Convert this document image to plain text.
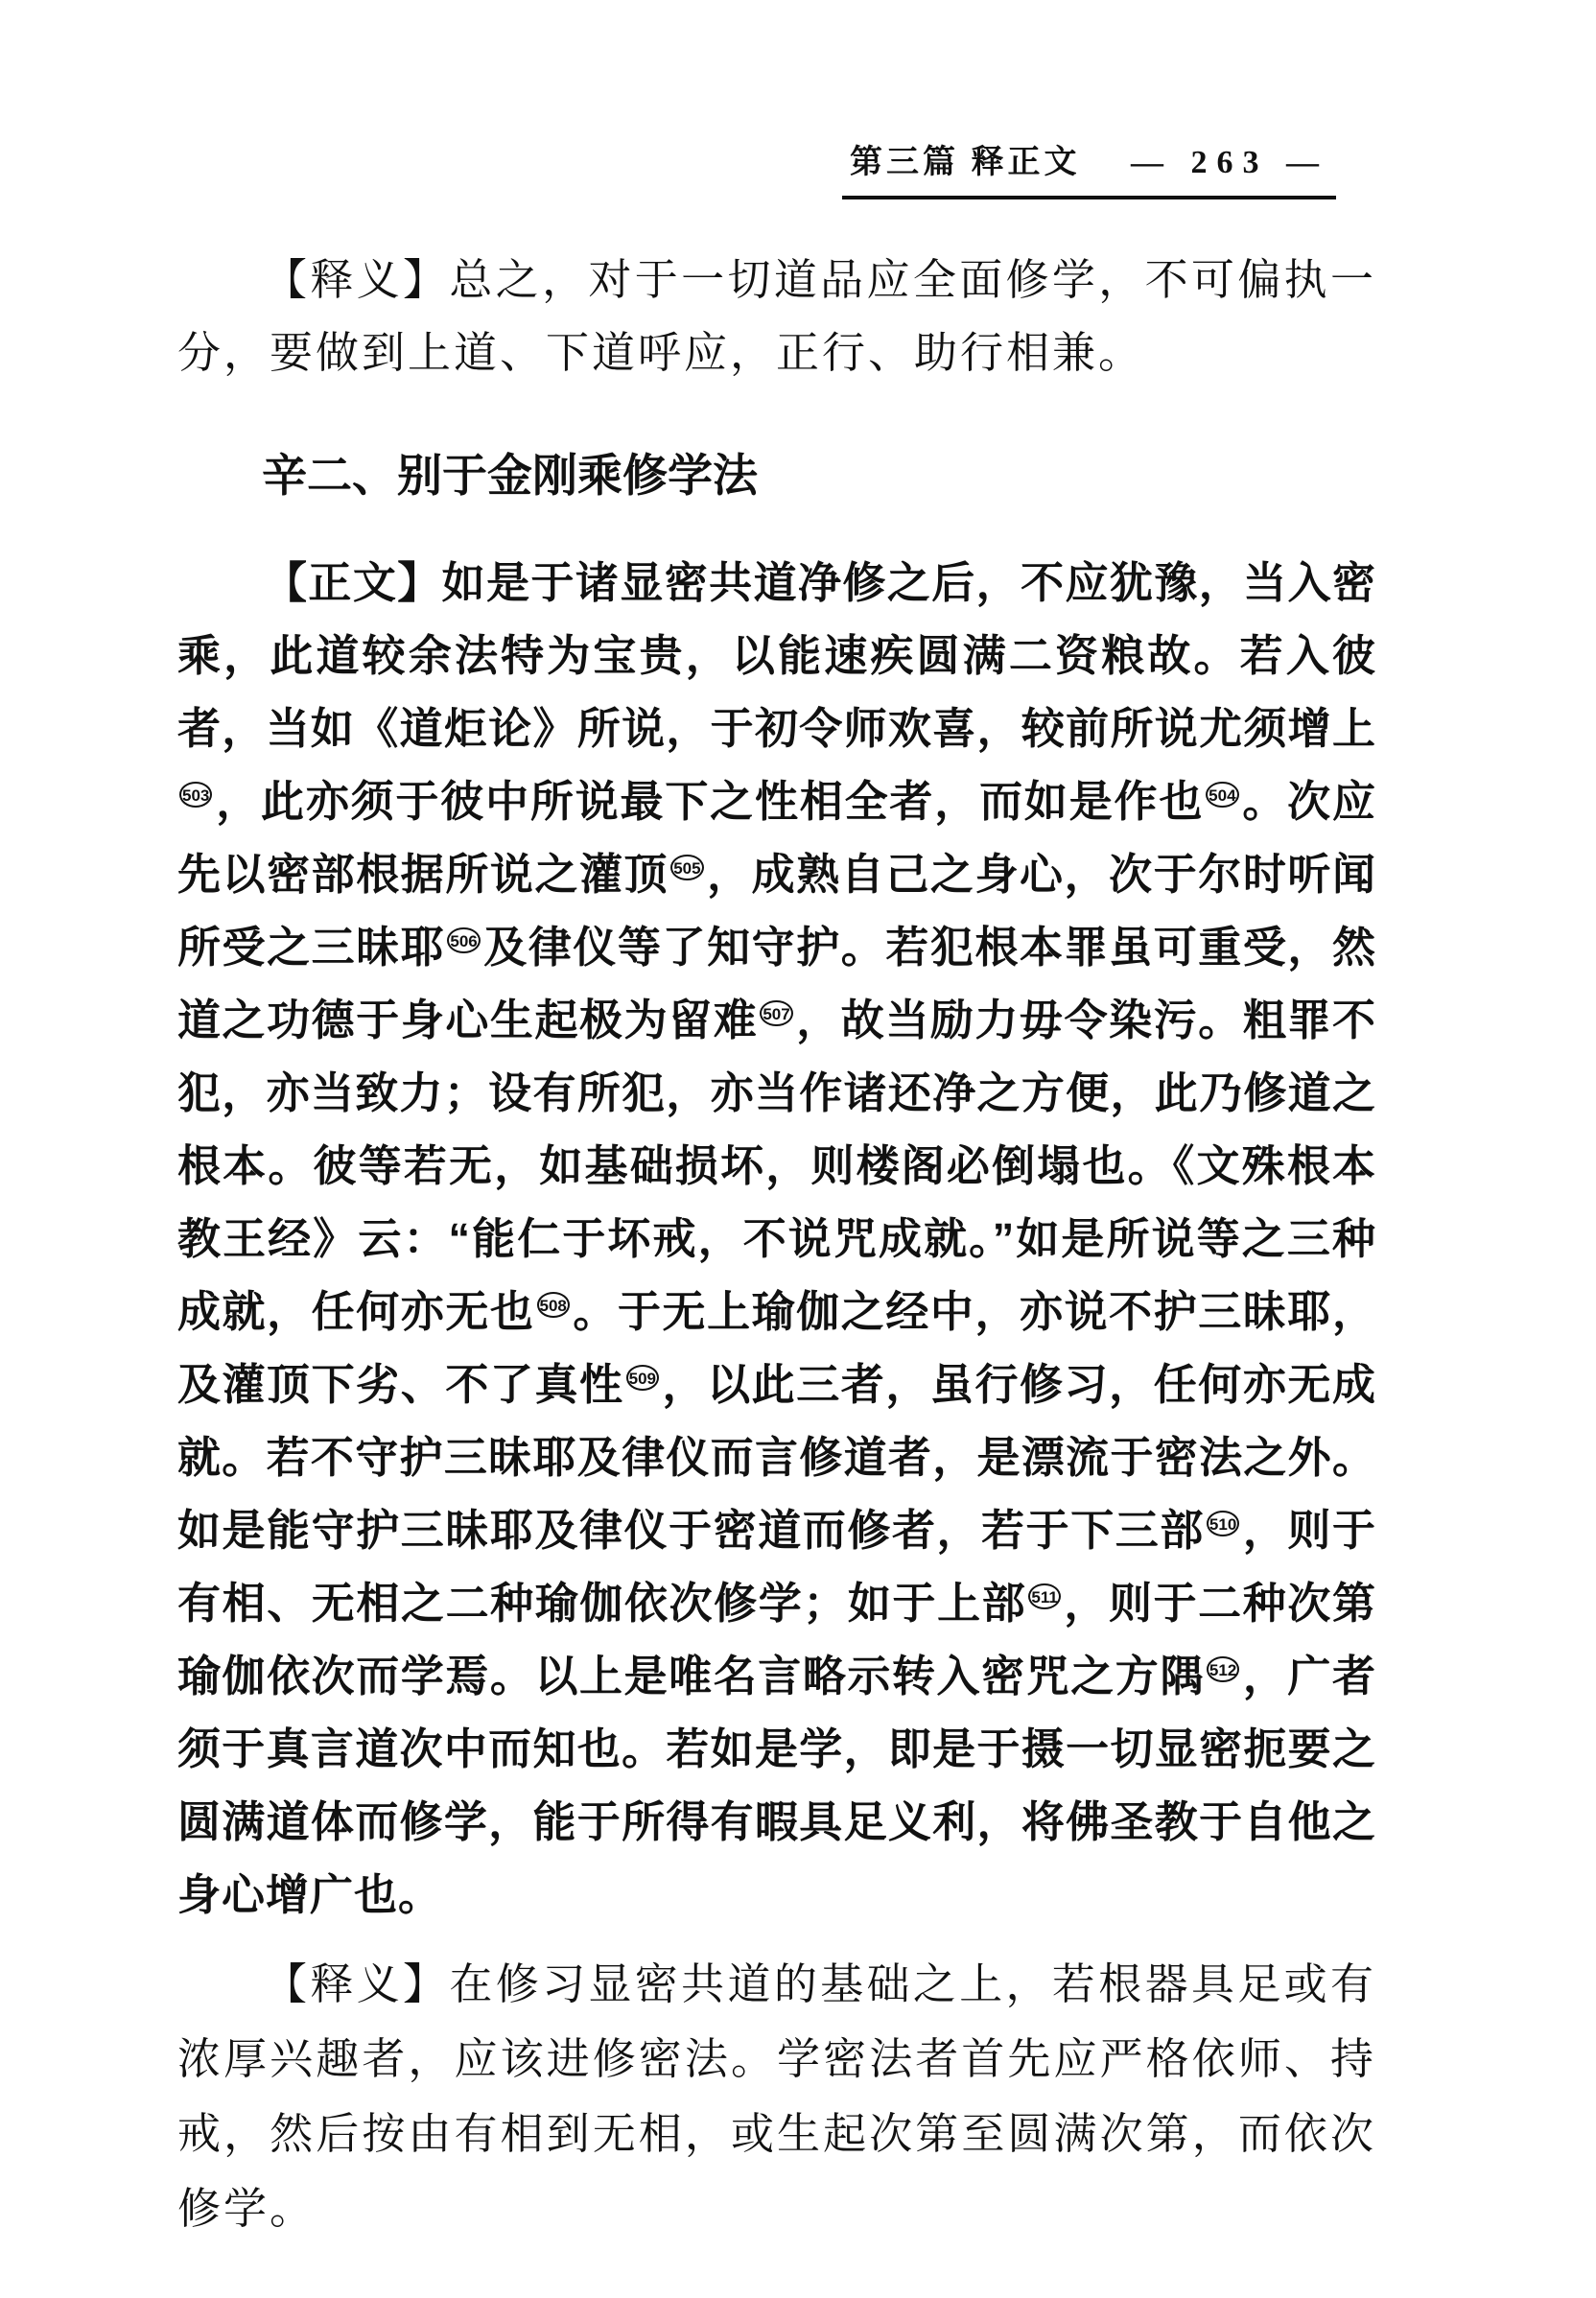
第三篇 释正文 — 263 —

【释义】总之，对于一切道品应全面修学，不可偏执一分，要做到上道、下道呼应，正行、助行相兼。

辛二、别于金刚乘修学法

【正文】如是于诸显密共道净修之后，不应犹豫，当入密乘，此道较余法特为宝贵，以能速疾圆满二资粮故。若入彼者，当如《道炬论》所说，于初令师欢喜，较前所说尤须增上503 ，此亦须于彼中所说最下之性相全者，而如是作也 504 。次应先以密部根据所说之灌顶 505 ，成熟自己之身心，次于尔时听闻所受之三昧耶 506 及律仪等了知守护。若犯根本罪虽可重受，然道之功德于身心生起极为留难 507 ，故当励力毋令染污。粗罪不犯，亦当致力；设有所犯，亦当作诸还净之方便，此乃修道之根本。彼等若无，如基础损坏，则楼阁必倒塌也。《文殊根本教王经》云：“能仁于坏戒，不说咒成就。”如是所说等之三种成就，任何亦无也 508 。于无上瑜伽之经中，亦说不护三昧耶，及灌顶下劣、不了真性 509 ，以此三者，虽行修习，任何亦无成就。若不守护三昧耶及律仪而言修道者，是漂流于密法之外。如是能守护三昧耶及律仪于密道而修者，若于下三部 510 ，则于有相、无相之二种瑜伽依次修学；如于上部 511 ，则于二种次第瑜伽依次而学焉。以上是唯名言略示转入密咒之方隅 512 ，广者须于真言道次中而知也。若如是学，即是于摄一切显密扼要之圆满道体而修学，能于所得有暇具足义利，将佛圣教于自他之身心增广也。

【释义】在修习显密共道的基础之上，若根器具足或有浓厚兴趣者，应该进修密法。学密法者首先应严格依师、持戒，然后按由有相到无相，或生起次第至圆满次第，而依次修学。
